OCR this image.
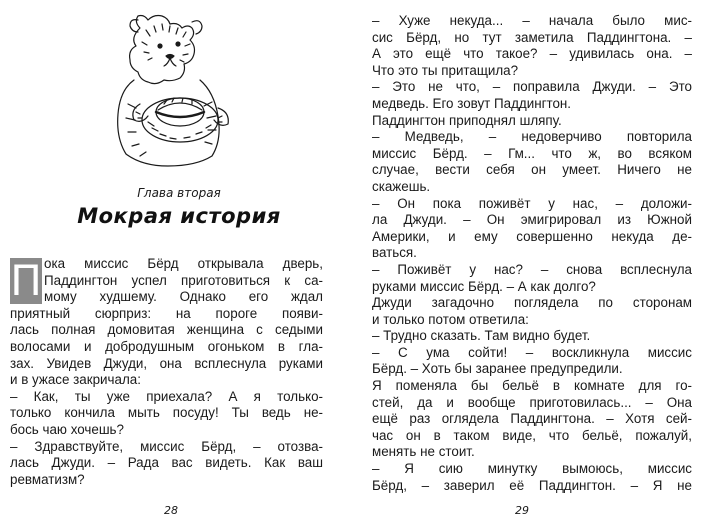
Глава вторая
Мокрая история
П ока миссис Бёрд открывала дверь,
Паддингтон успел приготовиться к са-
мому худшему. Однако его ждал
приятный сюрприз: на пороге появи-
лась полная домовитая женщина с седыми
волосами и добродушным огоньком в гла-
зах. Увидев Джуди, она всплеснула руками
и в ужасе закричала:
– Как, ты уже приехала? А я только-
только кончила мыть посуду! Ты ведь не-
бось чаю хочешь?
– Здравствуйте, миссис Бёрд, – отозва-
лась Джуди. – Рада вас видеть. Как ваш
ревматизм?
28
– Хуже некуда... – начала было мис-
сис Бёрд, но тут заметила Паддингтона. –
А это ещё что такое? – удивилась она. –
Что это ты притащила?
– Это не что, – поправила Джуди. – Это
медведь. Его зовут Паддингтон.
Паддингтон приподнял шляпу.
– Медведь, – недоверчиво повторила
миссис Бёрд. – Гм... что ж, во всяком
случае, вести себя он умеет. Ничего не
скажешь.
– Он пока поживёт у нас, – доложи-
ла Джуди. – Он эмигрировал из Южной
Америки, и ему совершенно некуда де-
ваться.
– Поживёт у нас? – снова всплеснула
руками миссис Бёрд. – А как долго?
Джуди загадочно поглядела по сторонам
и только потом ответила:
– Трудно сказать. Там видно будет.
– С ума сойти! – воскликнула миссис
Бёрд. – Хоть бы заранее предупредили.
Я поменяла бы бельё в комнате для го-
стей, да и вообще приготовилась... – Она
ещё раз оглядела Паддингтона. – Хотя сей-
час он в таком виде, что бельё, пожалуй,
менять не стоит.
– Я сию минутку вымоюсь, миссис
Бёрд, – заверил её Паддингтон. – Я не
29
